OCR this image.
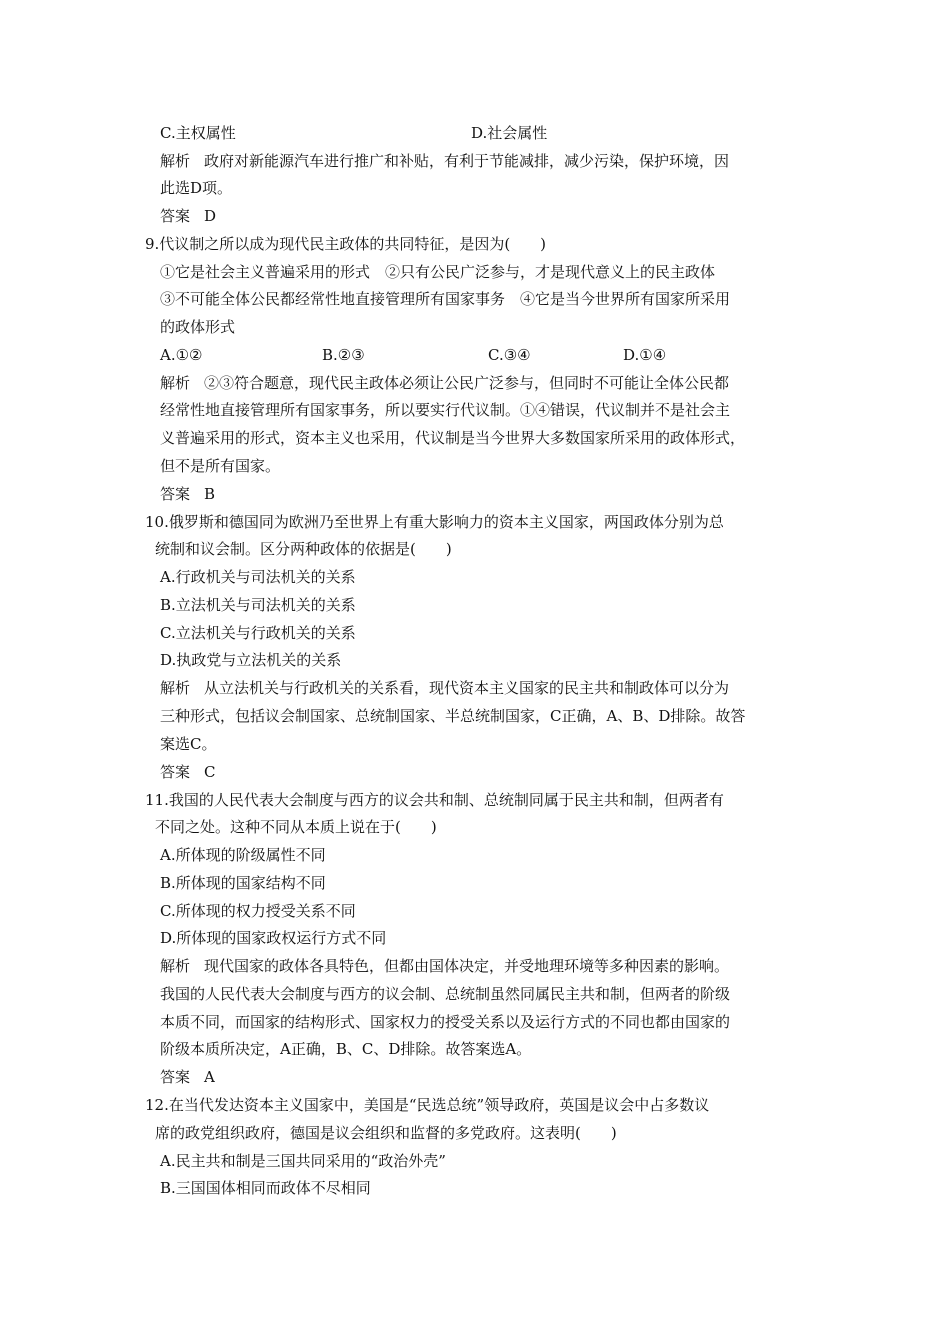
C.主权属性	D.社会属性
解析 政府对新能源汽车进行推广和补贴，有利于节能减排，减少污染，保护环境，因
此选D项。
答案 D
9.代议制之所以成为现代民主政体的共同特征，是因为(　　)
①它是社会主义普遍采用的形式　②只有公民广泛参与，才是现代意义上的民主政体
③不可能全体公民都经常性地直接管理所有国家事务　④它是当今世界所有国家所采用
的政体形式
A.①②	B.②③	C.③④	D.①④
解析 ②③符合题意，现代民主政体必须让公民广泛参与，但同时不可能让全体公民都
经常性地直接管理所有国家事务，所以要实行代议制。①④错误，代议制并不是社会主
义普遍采用的形式，资本主义也采用，代议制是当今世界大多数国家所采用的政体形式，
但不是所有国家。
答案 B
10.俄罗斯和德国同为欧洲乃至世界上有重大影响力的资本主义国家，两国政体分别为总
统制和议会制。区分两种政体的依据是(　　)
A.行政机关与司法机关的关系
B.立法机关与司法机关的关系
C.立法机关与行政机关的关系
D.执政党与立法机关的关系
解析 从立法机关与行政机关的关系看，现代资本主义国家的民主共和制政体可以分为
三种形式，包括议会制国家、总统制国家、半总统制国家，C正确，A、B、D排除。故答
案选C。
答案 C
11.我国的人民代表大会制度与西方的议会共和制、总统制同属于民主共和制，但两者有
不同之处。这种不同从本质上说在于(　　)
A.所体现的阶级属性不同
B.所体现的国家结构不同
C.所体现的权力授受关系不同
D.所体现的国家政权运行方式不同
解析 现代国家的政体各具特色，但都由国体决定，并受地理环境等多种因素的影响。
我国的人民代表大会制度与西方的议会制、总统制虽然同属民主共和制，但两者的阶级
本质不同，而国家的结构形式、国家权力的授受关系以及运行方式的不同也都由国家的
阶级本质所决定，A正确，B、C、D排除。故答案选A。
答案 A
12.在当代发达资本主义国家中，美国是“民选总统”领导政府，英国是议会中占多数议
席的政党组织政府，德国是议会组织和监督的多党政府。这表明(　　)
A.民主共和制是三国共同采用的“政治外壳”
B.三国国体相同而政体不尽相同
